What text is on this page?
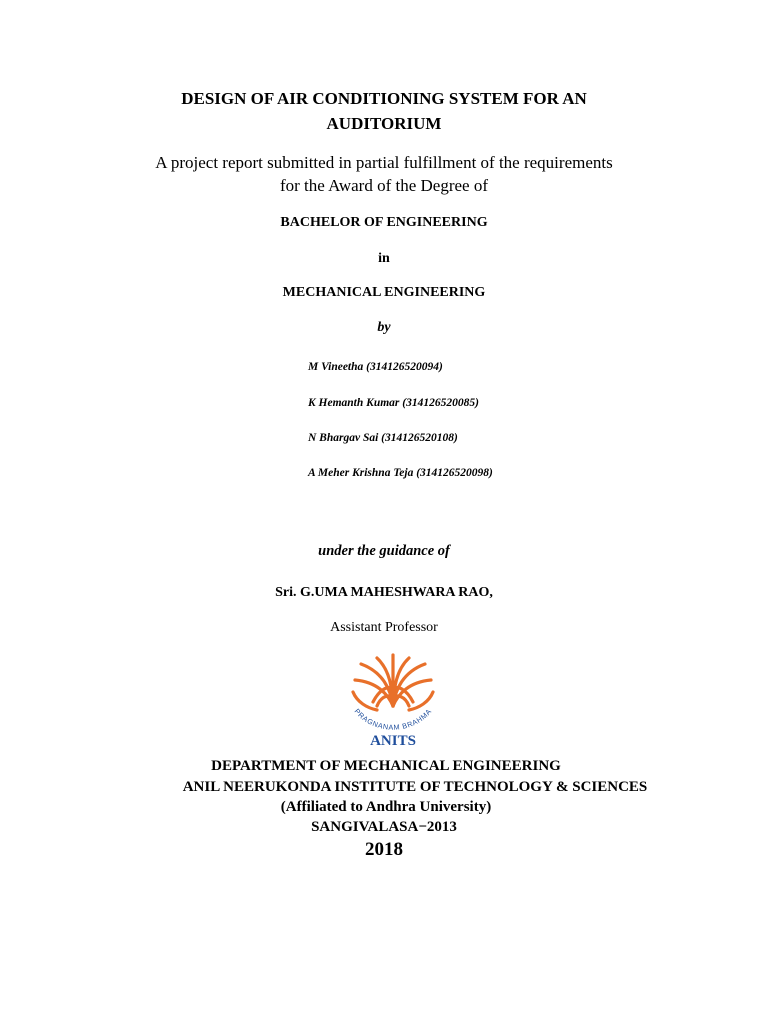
DESIGN OF AIR CONDITIONING SYSTEM FOR AN
AUDITORIUM
A project report submitted in partial fulfillment of the requirements
for the Award of the Degree of
BACHELOR OF ENGINEERING
in
MECHANICAL ENGINEERING
by
M Vineetha (314126520094)
K Hemanth Kumar (314126520085)
N Bhargav Sai (314126520108)
A Meher Krishna Teja (314126520098)
under the guidance of
Sri. G.UMA MAHESHWARA RAO,
Assistant Professor
PRAGNANAM BRAHMA
ANITS
DEPARTMENT OF MECHANICAL ENGINEERING
ANIL NEERUKONDA INSTITUTE OF TECHNOLOGY & SCIENCES
(Affiliated to Andhra University)
SANGIVALASA−2013
2018
